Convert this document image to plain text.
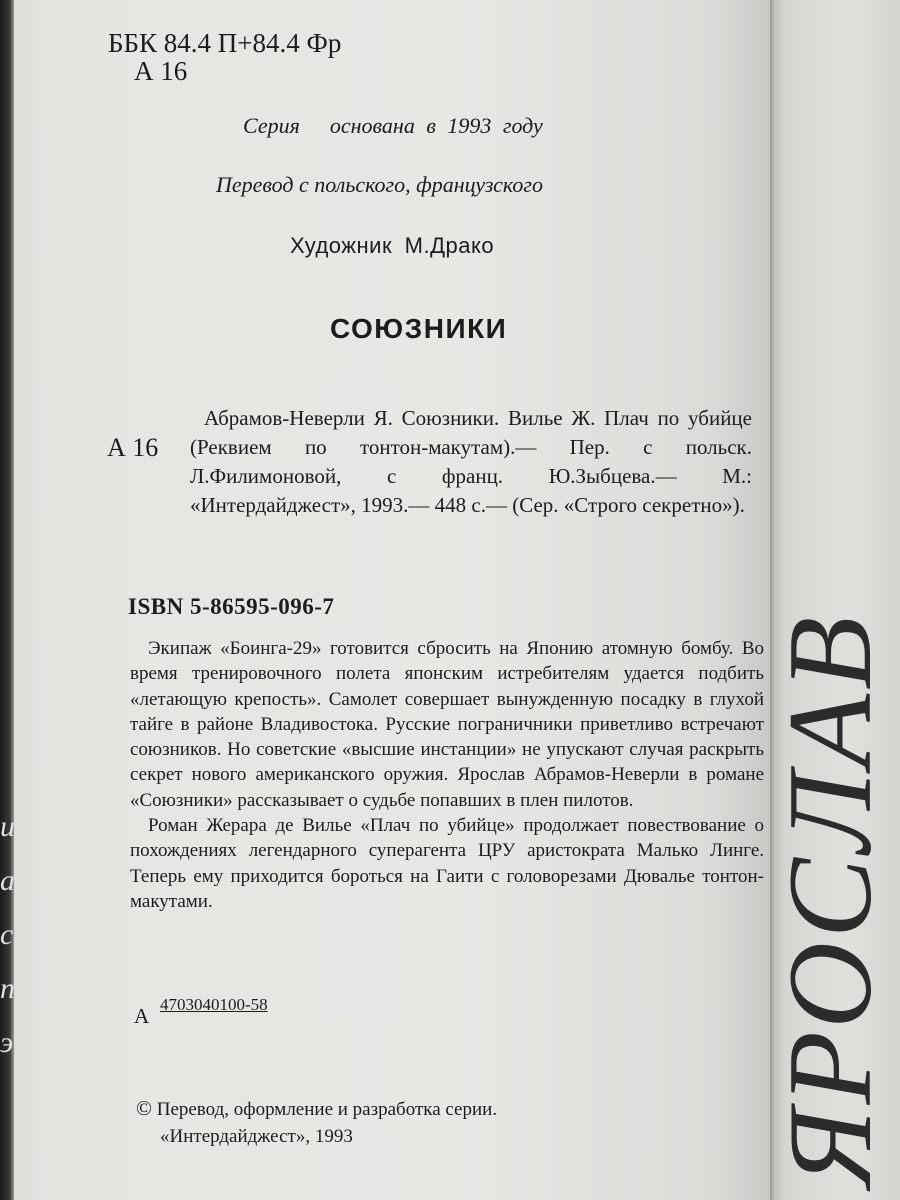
и
а
с
п
э
ББК 84.4 П+84.4 Фр
А 16
Серия основана в 1993 году
Перевод с польского, французского
Художник М.Драко
СОЮЗНИКИ
А 16

Абрамов-Неверли Я. Союзники. Вилье Ж. Плач по убийце (Реквием по тонтон-макутам).— Пер. с польск. Л.Филимоновой, с франц. Ю.Зыбцева.— М.: «Интердайджест», 1993.— 448 с.— (Сер. «Строго секретно»).

ISBN 5-86595-096-7

Экипаж «Боинга-29» готовится сбросить на Японию атомную бомбу. Во время тренировочного полета японским истребителям удается подбить «летающую крепость». Самолет совершает вынужденную посадку в глухой тайге в районе Владивостока. Русские пограничники приветливо встречают союзников. Но советские «высшие инстанции» не упускают случая раскрыть секрет нового американского оружия. Ярослав Абрамов-Неверли в романе «Союзники» рассказывает о судьбе попавших в плен пилотов.

Роман Жерара де Вилье «Плач по убийце» продолжает повествование о похождениях легендарного суперагента ЦРУ аристократа Малько Линге. Теперь ему приходится бороться на Гаити с головорезами Дювалье тонтон-макутами.

А 4703040100-58
© Перевод, оформление и разработка серии.
«Интердайджест», 1993	ЯРОСЛАВ
